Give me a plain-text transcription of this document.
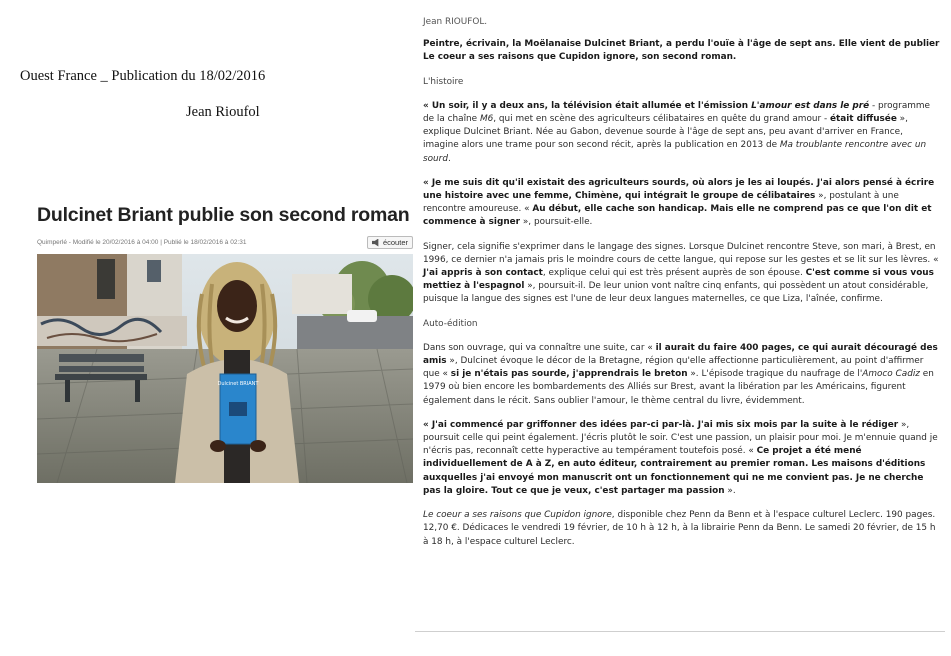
Ouest France _ Publication du 18/02/2016
Jean Rioufol
Dulcinet Briant publie son second roman
Quimperlé - Modifié le 20/02/2016 à 04:00 | Publié le 18/02/2016 à 02:31	écouter
Dulcinet BRIANT

Jean RIOUFOL.

Peintre, écrivain, la Moëlanaise Dulcinet Briant, a perdu l'ouïe à l'âge de sept ans. Elle vient de publier Le coeur a ses raisons que Cupidon ignore, son second roman.

L'histoire

« Un soir, il y a deux ans, la télévision était allumée et l'émission L'amour est dans le pré - programme de la chaîne M6, qui met en scène des agriculteurs célibataires en quête du grand amour - était diffusée », explique Dulcinet Briant. Née au Gabon, devenue sourde à l'âge de sept ans, peu avant d'arriver en France, imagine alors une trame pour son second récit, après la publication en 2013 de Ma troublante rencontre avec un sourd.

« Je me suis dit qu'il existait des agriculteurs sourds, où alors je les ai loupés. J'ai alors pensé à écrire une histoire avec une femme, Chimène, qui intégrait le groupe de célibataires », postulant à une rencontre amoureuse. « Au début, elle cache son handicap. Mais elle ne comprend pas ce que l'on dit et commence à signer », poursuit-elle.

Signer, cela signifie s'exprimer dans le langage des signes. Lorsque Dulcinet rencontre Steve, son mari, à Brest, en 1996, ce dernier n'a jamais pris le moindre cours de cette langue, qui repose sur les gestes et se lit sur les lèvres. « J'ai appris à son contact, explique celui qui est très présent auprès de son épouse. C'est comme si vous vous mettiez à l'espagnol », poursuit-il. De leur union vont naître cinq enfants, qui possèdent un atout considérable, puisque la langue des signes est l'une de leur deux langues maternelles, ce que Liza, l'aînée, confirme.

Auto-édition

Dans son ouvrage, qui va connaître une suite, car « il aurait du faire 400 pages, ce qui aurait découragé des amis », Dulcinet évoque le décor de la Bretagne, région qu'elle affectionne particulièrement, au point d'affirmer que « si je n'étais pas sourde, j'apprendrais le breton ». L'épisode tragique du naufrage de l'Amoco Cadiz en 1979 où bien encore les bombardements des Alliés sur Brest, avant la libération par les Américains, figurent également dans le récit. Sans oublier l'amour, le thème central du livre, évidemment.

« J'ai commencé par griffonner des idées par-ci par-là. J'ai mis six mois par la suite à le rédiger », poursuit celle qui peint également. J'écris plutôt le soir. C'est une passion, un plaisir pour moi. Je m'ennuie quand je n'écris pas, reconnaît cette hyperactive au tempérament toutefois posé. « Ce projet a été mené individuellement de A à Z, en auto éditeur, contrairement au premier roman. Les maisons d'éditions auxquelles j'ai envoyé mon manuscrit ont un fonctionnement qui ne me convient pas. Je ne cherche pas la gloire. Tout ce que je veux, c'est partager ma passion ».

Le coeur a ses raisons que Cupidon ignore, disponible chez Penn da Benn et à l'espace culturel Leclerc. 190 pages. 12,70 €. Dédicaces le vendredi 19 février, de 10 h à 12 h, à la librairie Penn da Benn. Le samedi 20 février, de 15 h à 18 h, à l'espace culturel Leclerc.
